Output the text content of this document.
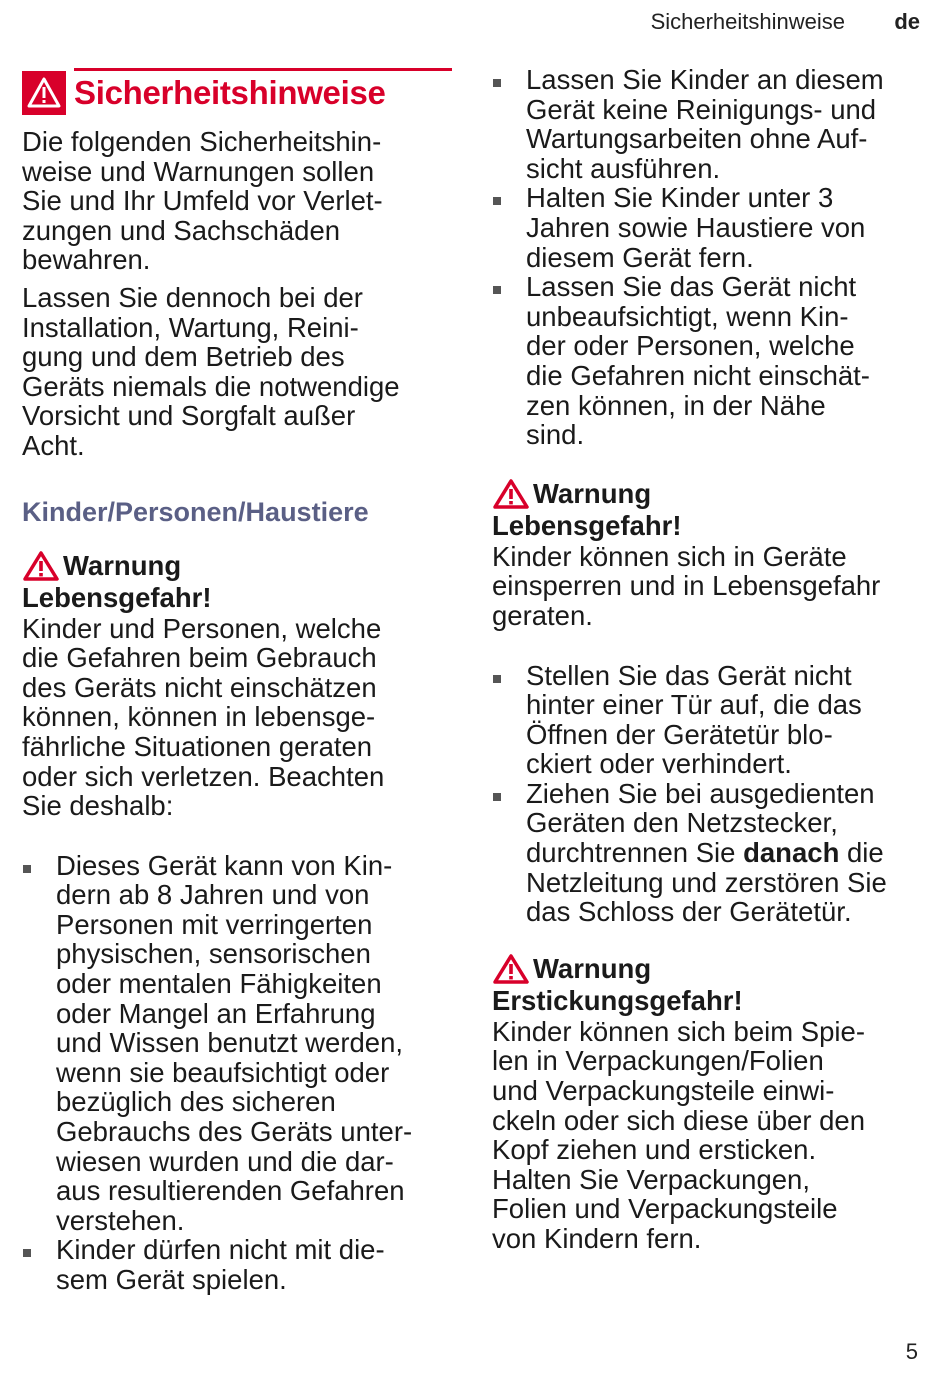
Sicherheitshinweise de
Sicherheitshinweise

Die folgenden Sicherheitshin-
weise und Warnungen sollen
Sie und Ihr Umfeld vor Verlet-
zungen und Sachschäden
bewahren.

Lassen Sie dennoch bei der
Installation, Wartung, Reini-
gung und dem Betrieb des
Geräts niemals die notwendige
Vorsicht und Sorgfalt außer
Acht.

Kinder/Personen/Haustiere
Warnung
Lebensgefahr!

Kinder und Personen, welche
die Gefahren beim Gebrauch
des Geräts nicht einschätzen
können, können in lebensge-
fährliche Situationen geraten
oder sich verletzen. Beachten
Sie deshalb:

Dieses Gerät kann von Kin-
dern ab 8 Jahren und von
Personen mit verringerten
physischen, sensorischen
oder mentalen Fähigkeiten
oder Mangel an Erfahrung
und Wissen benutzt werden,
wenn sie beaufsichtigt oder
bezüglich des sicheren
Gebrauchs des Geräts unter-
wiesen wurden und die dar-
aus resultierenden Gefahren
verstehen.
Kinder dürfen nicht mit die-
sem Gerät spielen.
Lassen Sie Kinder an diesem
Gerät keine Reinigungs- und
Wartungsarbeiten ohne Auf-
sicht ausführen.
Halten Sie Kinder unter 3
Jahren sowie Haustiere von
diesem Gerät fern.
Lassen Sie das Gerät nicht
unbeaufsichtigt, wenn Kin-
der oder Personen, welche
die Gefahren nicht einschät-
zen können, in der Nähe
sind.
Warnung
Lebensgefahr!

Kinder können sich in Geräte
einsperren und in Lebensgefahr
geraten.

Stellen Sie das Gerät nicht
hinter einer Tür auf, die das
Öffnen der Gerätetür blo-
ckiert oder verhindert.
Ziehen Sie bei ausgedienten
Geräten den Netzstecker,
durchtrennen Sie danach die
Netzleitung und zerstören Sie
das Schloss der Gerätetür.
Warnung
Erstickungsgefahr!

Kinder können sich beim Spie-
len in Verpackungen/Folien
und Verpackungsteile einwi-
ckeln oder sich diese über den
Kopf ziehen und ersticken.
Halten Sie Verpackungen,
Folien und Verpackungsteile
von Kindern fern.

5
